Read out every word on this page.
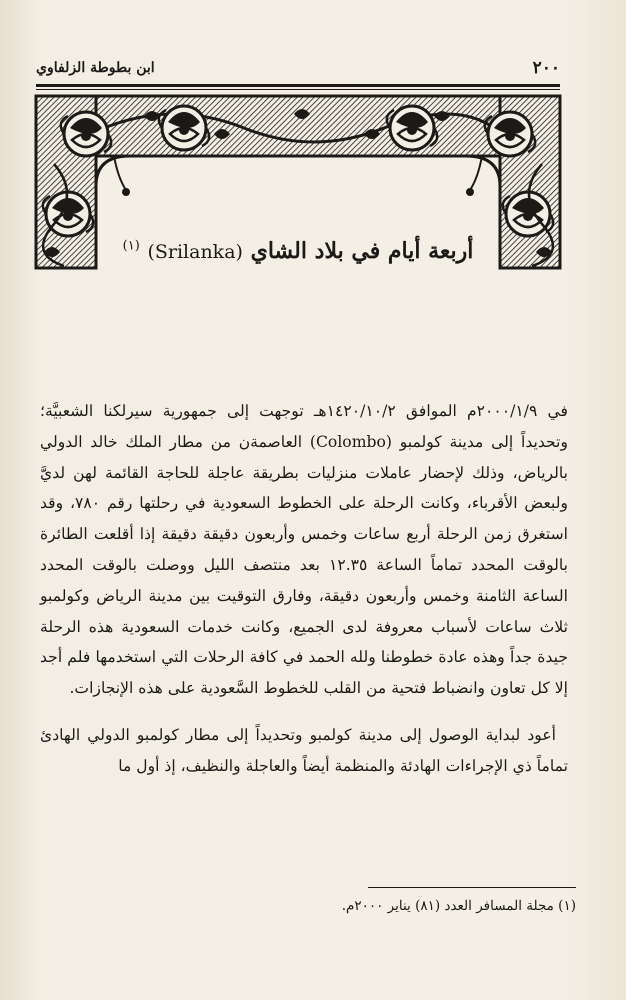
٢٠٠
ابن بطوطة الزلفاوي
أربعة أيام في بلاد الشاي (Srilanka) $^{(١)}$

في ٢٠٠٠/١/٩م الموافق ١٤٢٠/١٠/٢هـ توجهت إلى جمهورية سيرلكنا الشعبيَّة؛ وتحديداً إلى مدينة كولمبو (Colombo) العاصمةن من مطار الملك خالد الدولي بالرياض، وذلك لإحضار عاملات منزليات بطريقة عاجلة للحاجة القائمة لهن لديَّ ولبعض الأقرباء، وكانت الرحلة على الخطوط السعودية في رحلتها رقم ٧٨٠، وقد استغرق زمن الرحلة أربع ساعات وخمس وأربعون دقيقة دقيقة إذا أقلعت الطائرة بالوقت المحدد تماماً الساعة ١٢.٣٥ بعد منتصف الليل ووصلت بالوقت المحدد الساعة الثامنة وخمس وأربعون دقيقة، وفارق التوقيت بين مدينة الرياض وكولمبو ثلاث ساعات لأسباب معروفة لدى الجميع، وكانت خدمات السعودية هذه الرحلة جيدة جداً وهذه عادة خطوطنا ولله الحمد في كافة الرحلات التي استخدمها فلم أجد إلا كل تعاون وانضباط فتحية من القلب للخطوط السَّعودية على هذه الإنجازات.

أعود لبداية الوصول إلى مدينة كولمبو وتحديداً إلى مطار كولمبو الدولي الهادئ تماماً ذي الإجراءات الهادئة والمنظمة أيضاً والعاجلة والنظيف، إذ أول ما

(١) مجلة المسافر العدد (٨١) يناير ٢٠٠٠م.
